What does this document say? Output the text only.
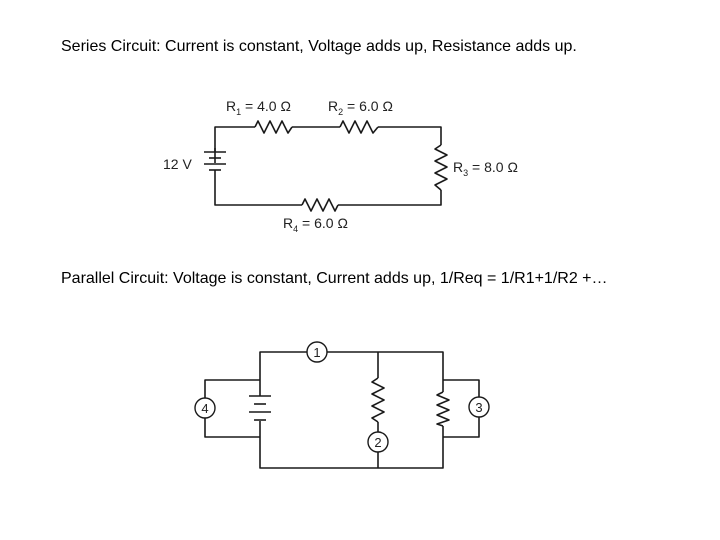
Series Circuit: Current is constant, Voltage adds up, Resistance adds up.
Parallel Circuit: Voltage is constant, Current adds up, 1/Req = 1/R1+1/R2 +…
12 V
$R_1 = 4.0$ Ω	$R_2 = 6.0$ Ω
$R_3 = 8.0$ Ω
$R_4 = 6.0$ Ω
1
2
3
4
